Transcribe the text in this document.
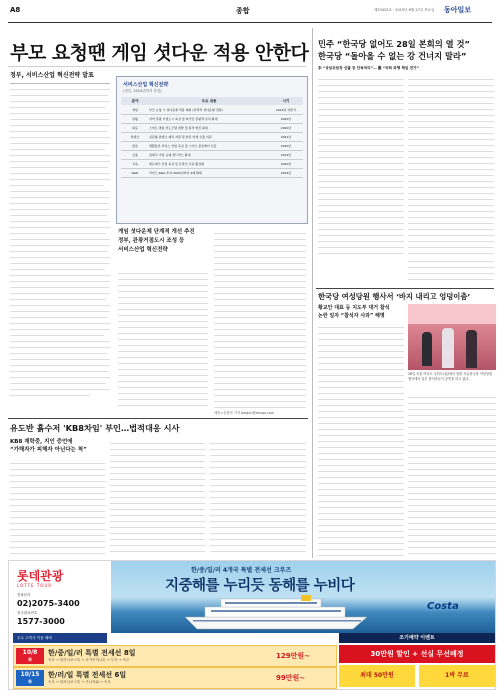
A8	종합	제33425호 · 2019년 6월 27일 목요일 동아일보
부모 요청땐 게임 셧다운 적용 안한다
정부, 서비스산업 혁신전략 발표
서비스산업 혁신전략
(정부, 2024년까지 추진)
분야	주요 내용	시기
게임	부모 요청 시 셧다운제 적용 제외 (선택적 셧다운제 전환)	2019년 하반기
관광	지역 관광 거점도시 육성 및 외국인 관광객 유치 확대	2020년
의료	스마트 병원 선도모델 개발 및 원격 협진 확대	2020년
콘텐츠	실감형 콘텐츠 제작 지원 및 한류 연계 수출 지원	2021년
물류	생활물류 서비스 산업 육성 및 스마트 물류센터 인증	2020년
금융	핀테크 기업 규제 샌드박스 확대	2019년
교육	에듀테크 산업 육성 및 온라인 교육 활성화	2020년
R&D	서비스 R&D 투자 2024년까지 2배 확대	2024년
게임 셧다운제 단계적 개선 추진
정부, 관광거점도시 조성 등
서비스산업 혁신전략
세종=송충현 기자 balgun@donga.com
유도반 흙수저 'KB8차임' 부인…법적대응 시사
KB8 재학중, 지인 증언에
“가해자가 피해자 아닌다는 척”
민주 “한국당 없어도 28일 본회의 열 것”
한국당 “돌아올 수 없는 강 건너지 말라”
李 “상임위원장 선출 등 단독처리”… 羅 “국회 파행 책임 전가”
한국당 여성당원 행사서 ‘바지 내리고 엉덩이춤’
황교안 대표 등 지도부 대거 참석
논란 일자 “참석자 사과” 해명
26일 서울 여의도 국회도서관에서 열린 자유한국당 여성당원 행사에서 일부 참석자들이 공연을 하고 있다.
롯데관광
LOTTE TOUR
전화문의
02)2075-3400
전국대표번호
1577-3000
우수 고객사 이용 혜택
한/중/일/러 4개국 특별 전세선 크루즈
지중해를 누리듯 동해를 누비다
Costa
조기예약 이벤트
10/8
화
한/중/일/러 특별 전세선 8일
속초 → 블라디보스톡 → 사카이미나토 → 부산 → 속초	129만원~
10/15
화
한/러/일 특별 전세선 6일
속초 → 블라디보스톡 → 가나자와 → 속초	99만원~
30만원 할인 + 선실 무선배정
최대 50만원	1박 무료
